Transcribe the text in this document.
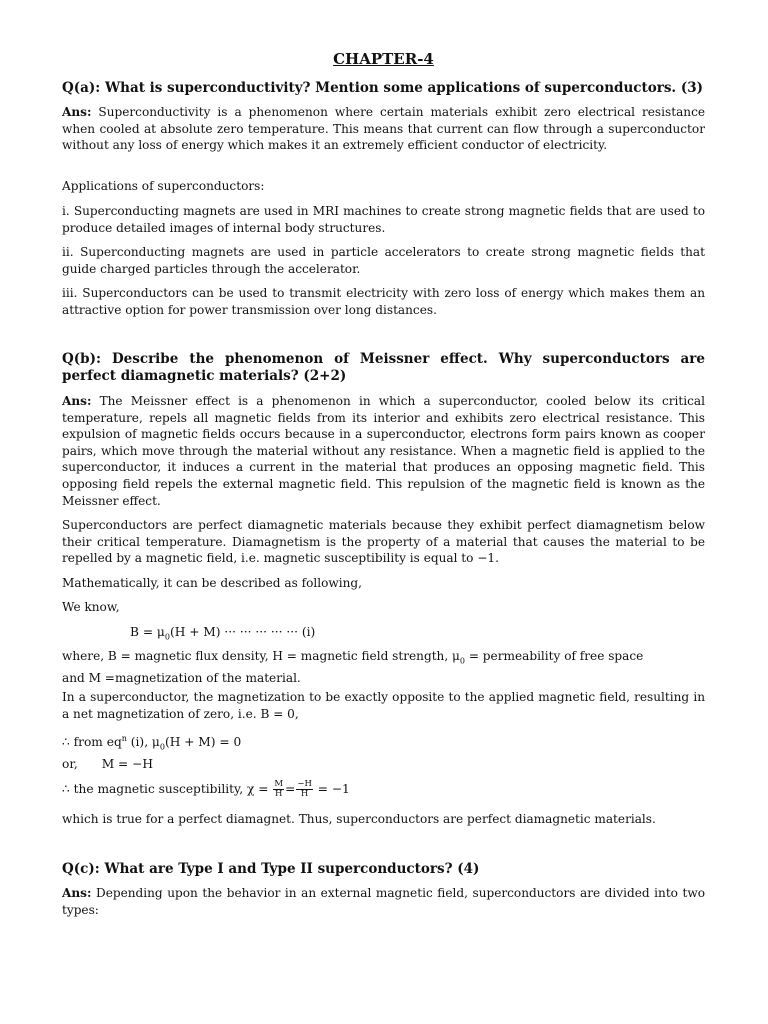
CHAPTER-4
Q(a): What is superconductivity? Mention some applications of superconductors. (3)
Ans: Superconductivity is a phenomenon where certain materials exhibit zero electrical resistance when cooled at absolute zero temperature. This means that current can flow through a superconductor without any loss of energy which makes it an extremely efficient conductor of electricity.
Applications of superconductors:
i. Superconducting magnets are used in MRI machines to create strong magnetic fields that are used to produce detailed images of internal body structures.
ii. Superconducting magnets are used in particle accelerators to create strong magnetic fields that guide charged particles through the accelerator.
iii. Superconductors can be used to transmit electricity with zero loss of energy which makes them an attractive option for power transmission over long distances.
Q(b): Describe the phenomenon of Meissner effect. Why superconductors are perfect diamagnetic materials? (2+2)
Ans: The Meissner effect is a phenomenon in which a superconductor, cooled below its critical temperature, repels all magnetic fields from its interior and exhibits zero electrical resistance. This expulsion of magnetic fields occurs because in a superconductor, electrons form pairs known as cooper pairs, which move through the material without any resistance. When a magnetic field is applied to the superconductor, it induces a current in the material that produces an opposing magnetic field. This opposing field repels the external magnetic field. This repulsion of the magnetic field is known as the Meissner effect.
Superconductors are perfect diamagnetic materials because they exhibit perfect diamagnetism below their critical temperature. Diamagnetism is the property of a material that causes the material to be repelled by a magnetic field, i.e. magnetic susceptibility is equal to −1.
Mathematically, it can be described as following,
We know,
$B = \mu_0(H + M)$ ··· ··· ··· ··· ··· (i)
where, B = magnetic flux density, H = magnetic field strength, $\mu_0$ = permeability of free space
and M =magnetization of the material.
In a superconductor, the magnetization to be exactly opposite to the applied magnetic field, resulting in a net magnetization of zero, i.e. B = 0,
∴ from $eq^n$ (i), $\mu_0(H + M) = 0$
or, M = −H
∴ the magnetic susceptibility, $\chi = \frac{M}{H} = \frac{-H}{H} = -1$
which is true for a perfect diamagnet. Thus, superconductors are perfect diamagnetic materials.
Q(c): What are Type I and Type II superconductors? (4)
Ans: Depending upon the behavior in an external magnetic field, superconductors are divided into two types:
